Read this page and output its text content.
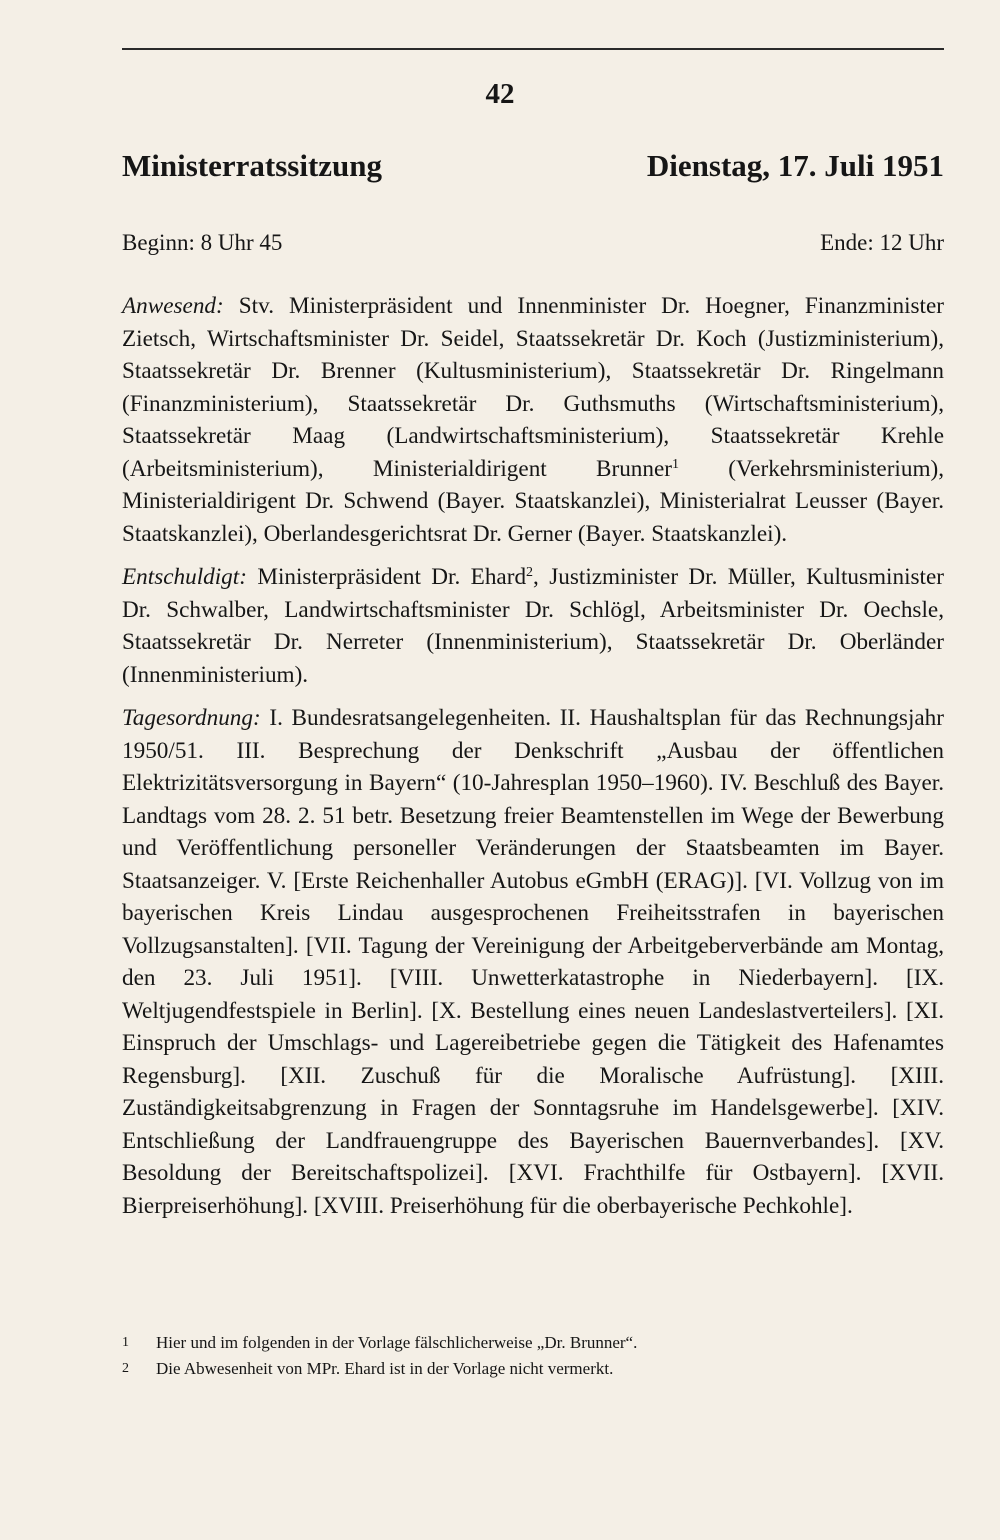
42
Ministerratssitzung	Dienstag, 17. Juli 1951
Beginn: 8 Uhr 45	Ende: 12 Uhr

Anwesend: Stv. Ministerpräsident und Innenminister Dr. Hoegner, Finanzminister Zietsch, Wirtschaftsminister Dr. Seidel, Staatssekretär Dr. Koch (Justizministerium), Staatssekretär Dr. Brenner (Kultusministerium), Staatssekretär Dr. Ringelmann (Finanzministerium), Staatssekretär Dr. Guthsmuths (Wirtschaftsministerium), Staatssekretär Maag (Landwirtschaftsministerium), Staatssekretär Krehle (Arbeitsministerium), Ministerialdirigent Brunner$^1$ (Verkehrsministerium), Ministerialdirigent Dr. Schwend (Bayer. Staatskanzlei), Ministerialrat Leusser (Bayer. Staatskanzlei), Oberlandesgerichtsrat Dr. Gerner (Bayer. Staatskanzlei).

Entschuldigt: Ministerpräsident Dr. Ehard$^2$, Justizminister Dr. Müller, Kultusminister Dr. Schwalber, Landwirtschaftsminister Dr. Schlögl, Arbeitsminister Dr. Oechsle, Staatssekretär Dr. Nerreter (Innenministerium), Staatssekretär Dr. Oberländer (Innenministerium).

Tagesordnung: I. Bundesratsangelegenheiten. II. Haushaltsplan für das Rechnungsjahr 1950/51. III. Besprechung der Denkschrift „Ausbau der öffentlichen Elektrizitätsversorgung in Bayern“ (10-Jahresplan 1950–1960). IV. Beschluß des Bayer. Landtags vom 28. 2. 51 betr. Besetzung freier Beamtenstellen im Wege der Bewerbung und Veröffentlichung personeller Veränderungen der Staatsbeamten im Bayer. Staatsanzeiger. V. [Erste Reichenhaller Autobus eGmbH (ERAG)]. [VI. Vollzug von im bayerischen Kreis Lindau ausgesprochenen Freiheitsstrafen in bayerischen Vollzugsanstalten]. [VII. Tagung der Vereinigung der Arbeitgeberverbände am Montag, den 23. Juli 1951]. [VIII. Unwetterkatastrophe in Niederbayern]. [IX. Weltjugendfestspiele in Berlin]. [X. Bestellung eines neuen Landeslastverteilers]. [XI. Einspruch der Umschlags- und Lagereibetriebe gegen die Tätigkeit des Hafenamtes Regensburg]. [XII. Zuschuß für die Moralische Aufrüstung]. [XIII. Zuständigkeitsabgrenzung in Fragen der Sonntagsruhe im Handelsgewerbe]. [XIV. Entschließung der Landfrauengruppe des Bayerischen Bauernverbandes]. [XV. Besoldung der Bereitschaftspolizei]. [XVI. Frachthilfe für Ostbayern]. [XVII. Bierpreiserhöhung]. [XVIII. Preiserhöhung für die oberbayerische Pechkohle].

1	Hier und im folgenden in der Vorlage fälschlicherweise „Dr. Brunner“.
2	Die Abwesenheit von MPr. Ehard ist in der Vorlage nicht vermerkt.
